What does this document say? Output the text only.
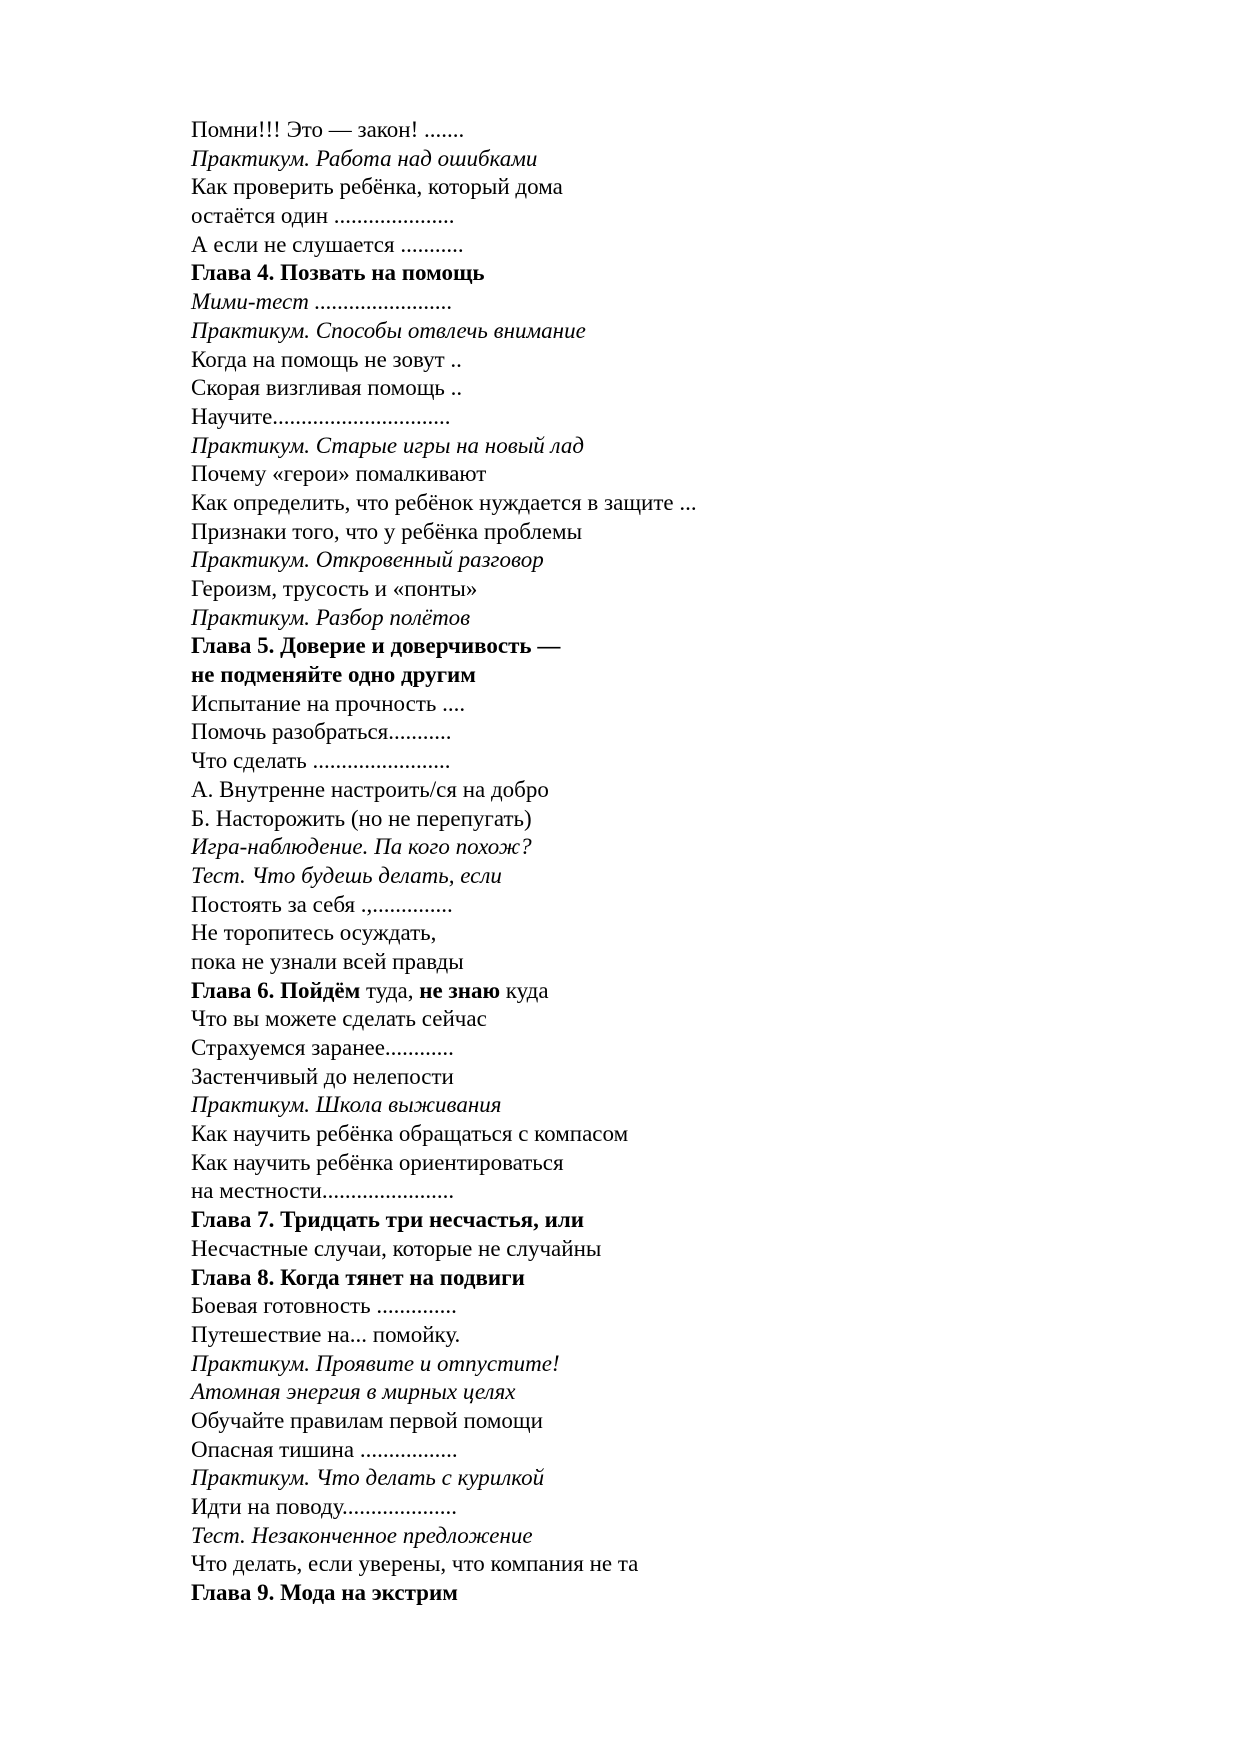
Помни!!! Это — закон! .......
Практикум. Работа над ошибками
Как проверить ребёнка, который дома
остаётся один .....................
А если не слушается ...........
Глава 4. Позвать на помощь
Мими-тест ........................
Практикум. Способы отвлечь внимание
Когда на помощь не зовут ..
Скорая визгливая помощь ..
Научите...............................
Практикум. Старые игры на новый лад
Почему «герои» помалкивают
Как определить, что ребёнок нуждается в защите ...
Признаки того, что у ребёнка проблемы
Практикум. Откровенный разговор
Героизм, трусость и «понты»
Практикум. Разбор полётов
Глава 5. Доверие и доверчивость —
не подменяйте одно другим
Испытание на прочность ....
Помочь разобраться...........
Что сделать ........................
А. Внутренне настроить/ся на добро
Б. Насторожить (но не перепугать)
Игра-наблюдение. Па кого похож?
Тест. Что будешь делать, если
Постоять за себя .,..............
Не торопитесь осуждать,
пока не узнали всей правды
Глава 6. Пойдём туда, не знаю куда
Что вы можете сделать сейчас
Страхуемся заранее............
Застенчивый до нелепости
Практикум. Школа выживания
Как научить ребёнка обращаться с компасом
Как научить ребёнка ориентироваться
на местности.......................
Глава 7. Тридцать три несчастья, или
Несчастные случаи, которые не случайны
Глава 8. Когда тянет на подвиги
Боевая готовность ..............
Путешествие на... помойку.
Практикум. Проявите и отпустите!
Атомная энергия в мирных целях
Обучайте правилам первой помощи
Опасная тишина .................
Практикум. Что делать с курилкой
Идти на поводу....................
Тест. Незаконченное предложение
Что делать, если уверены, что компания не та
Глава 9. Мода на экстрим
